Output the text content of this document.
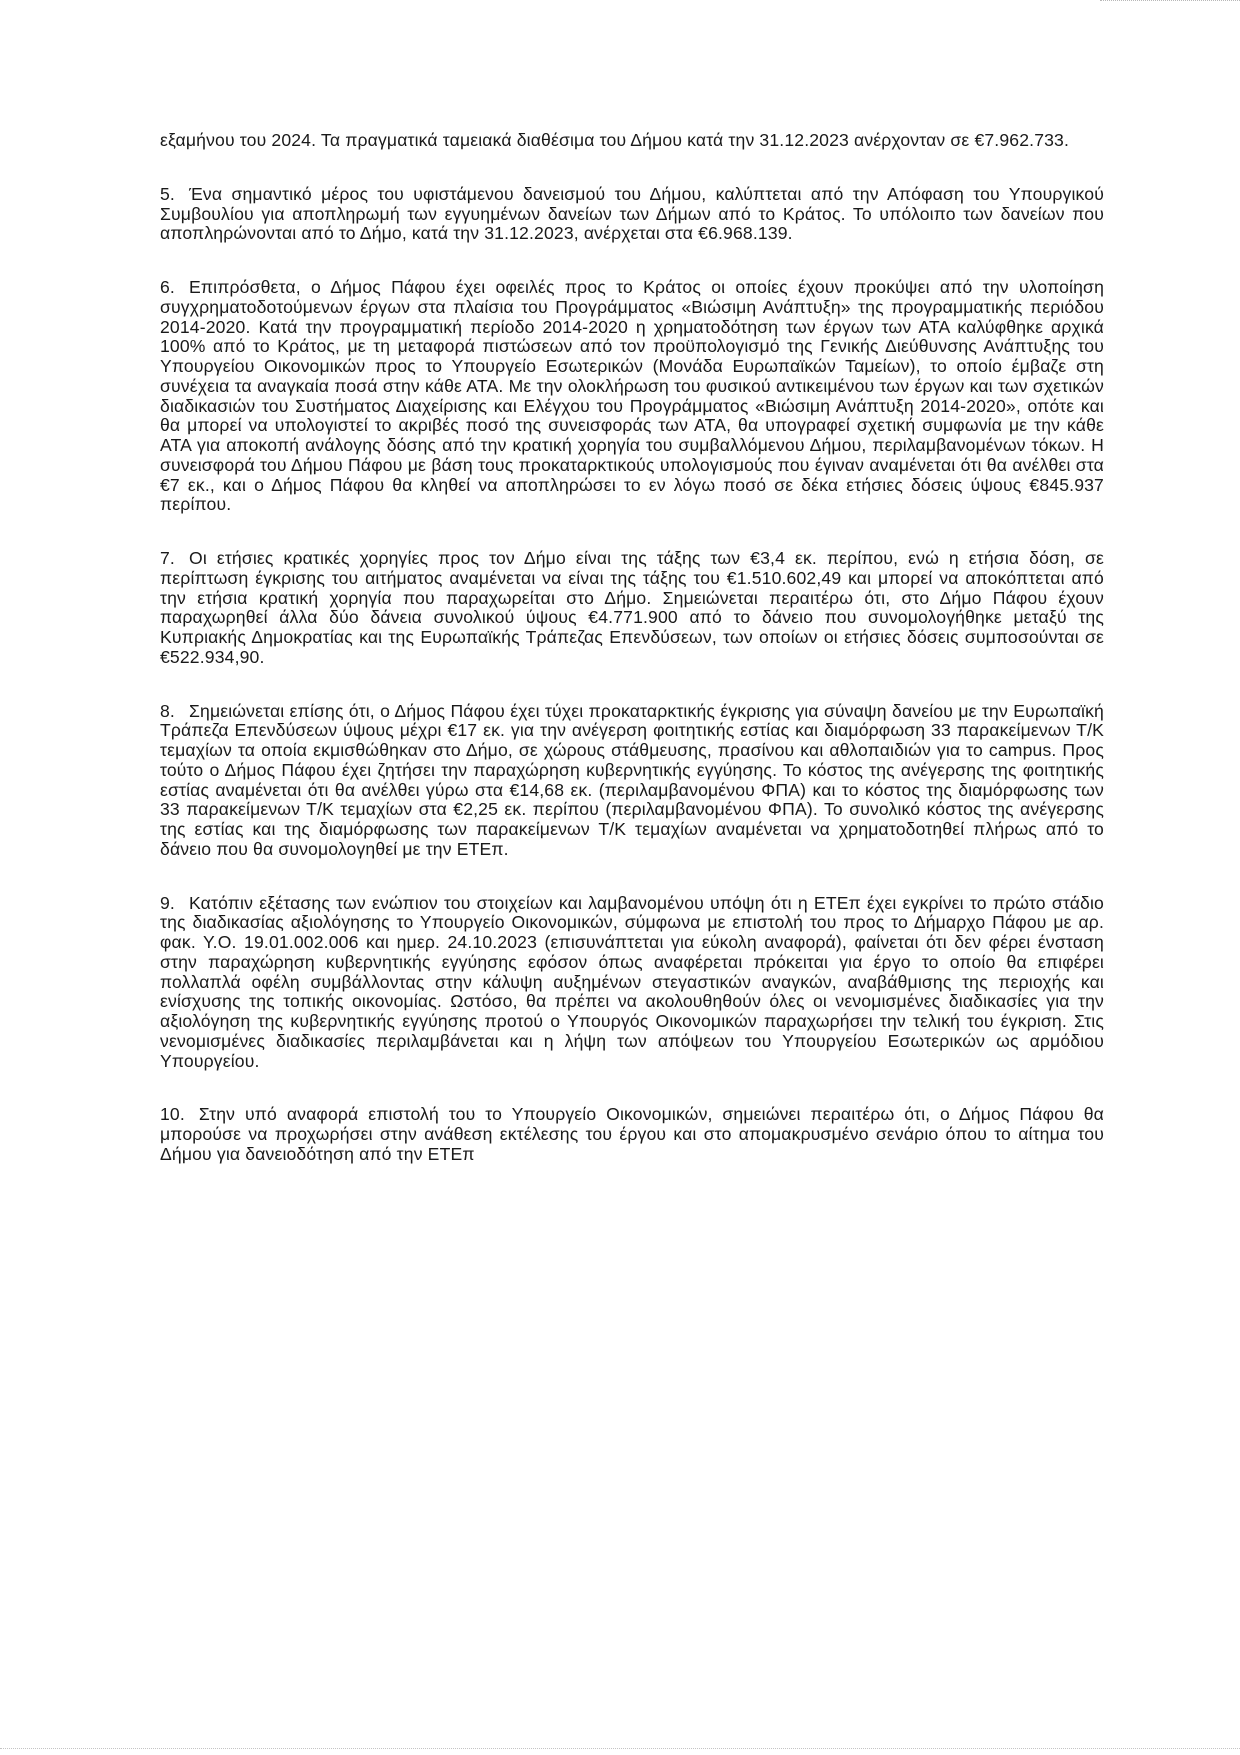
εξαμήνου του 2024. Τα πραγματικά ταμειακά διαθέσιμα του Δήμου κατά την 31.12.2023 ανέρχονταν σε €7.962.733.

5. Ένα σημαντικό μέρος του υφιστάμενου δανεισμού του Δήμου, καλύπτεται από την Απόφαση του Υπουργικού Συμβουλίου για αποπληρωμή των εγγυημένων δανείων των Δήμων από το Κράτος. Το υπόλοιπο των δανείων που αποπληρώνονται από το Δήμο, κατά την 31.12.2023, ανέρχεται στα €6.968.139.

6. Επιπρόσθετα, ο Δήμος Πάφου έχει οφειλές προς το Κράτος οι οποίες έχουν προκύψει από την υλοποίηση συγχρηματοδοτούμενων έργων στα πλαίσια του Προγράμματος «Βιώσιμη Ανάπτυξη» της προγραμματικής περιόδου 2014-2020. Κατά την προγραμματική περίοδο 2014-2020 η χρηματοδότηση των έργων των ΑΤΑ καλύφθηκε αρχικά 100% από το Κράτος, με τη μεταφορά πιστώσεων από τον προϋπολογισμό της Γενικής Διεύθυνσης Ανάπτυξης του Υπουργείου Οικονομικών προς το Υπουργείο Εσωτερικών (Μονάδα Ευρωπαϊκών Ταμείων), το οποίο έμβαζε στη συνέχεια τα αναγκαία ποσά στην κάθε ΑΤΑ. Με την ολοκλήρωση του φυσικού αντικειμένου των έργων και των σχετικών διαδικασιών του Συστήματος Διαχείρισης και Ελέγχου του Προγράμματος «Βιώσιμη Ανάπτυξη 2014-2020», οπότε και θα μπορεί να υπολογιστεί το ακριβές ποσό της συνεισφοράς των ΑΤΑ, θα υπογραφεί σχετική συμφωνία με την κάθε ΑΤΑ για αποκοπή ανάλογης δόσης από την κρατική χορηγία του συμβαλλόμενου Δήμου, περιλαμβανομένων τόκων. Η συνεισφορά του Δήμου Πάφου με βάση τους προκαταρκτικούς υπολογισμούς που έγιναν αναμένεται ότι θα ανέλθει στα €7 εκ., και ο Δήμος Πάφου θα κληθεί να αποπληρώσει το εν λόγω ποσό σε δέκα ετήσιες δόσεις ύψους €845.937 περίπου.

7. Οι ετήσιες κρατικές χορηγίες προς τον Δήμο είναι της τάξης των €3,4 εκ. περίπου, ενώ η ετήσια δόση, σε περίπτωση έγκρισης του αιτήματος αναμένεται να είναι της τάξης του €1.510.602,49 και μπορεί να αποκόπτεται από την ετήσια κρατική χορηγία που παραχωρείται στο Δήμο. Σημειώνεται περαιτέρω ότι, στο Δήμο Πάφου έχουν παραχωρηθεί άλλα δύο δάνεια συνολικού ύψους €4.771.900 από το δάνειο που συνομολογήθηκε μεταξύ της Κυπριακής Δημοκρατίας και της Ευρωπαϊκής Τράπεζας Επενδύσεων, των οποίων οι ετήσιες δόσεις συμποσούνται σε €522.934,90.

8. Σημειώνεται επίσης ότι, ο Δήμος Πάφου έχει τύχει προκαταρκτικής έγκρισης για σύναψη δανείου με την Ευρωπαϊκή Τράπεζα Επενδύσεων ύψους μέχρι €17 εκ. για την ανέγερση φοιτητικής εστίας και διαμόρφωση 33 παρακείμενων Τ/Κ τεμαχίων τα οποία εκμισθώθηκαν στο Δήμο, σε χώρους στάθμευσης, πρασίνου και αθλοπαιδιών για το campus. Προς τούτο ο Δήμος Πάφου έχει ζητήσει την παραχώρηση κυβερνητικής εγγύησης. Το κόστος της ανέγερσης της φοιτητικής εστίας αναμένεται ότι θα ανέλθει γύρω στα €14,68 εκ. (περιλαμβανομένου ΦΠΑ) και το κόστος της διαμόρφωσης των 33 παρακείμενων Τ/Κ τεμαχίων στα €2,25 εκ. περίπου (περιλαμβανομένου ΦΠΑ). Το συνολικό κόστος της ανέγερσης της εστίας και της διαμόρφωσης των παρακείμενων Τ/Κ τεμαχίων αναμένεται να χρηματοδοτηθεί πλήρως από το δάνειο που θα συνομολογηθεί με την ΕΤΕπ.

9. Κατόπιν εξέτασης των ενώπιον του στοιχείων και λαμβανομένου υπόψη ότι η ΕΤΕπ έχει εγκρίνει το πρώτο στάδιο της διαδικασίας αξιολόγησης το Υπουργείο Οικονομικών, σύμφωνα με επιστολή του προς το Δήμαρχο Πάφου με αρ. φακ. Υ.Ο. 19.01.002.006 και ημερ. 24.10.2023 (επισυνάπτεται για εύκολη αναφορά), φαίνεται ότι δεν φέρει ένσταση στην παραχώρηση κυβερνητικής εγγύησης εφόσον όπως αναφέρεται πρόκειται για έργο το οποίο θα επιφέρει πολλαπλά οφέλη συμβάλλοντας στην κάλυψη αυξημένων στεγαστικών αναγκών, αναβάθμισης της περιοχής και ενίσχυσης της τοπικής οικονομίας. Ωστόσο, θα πρέπει να ακολουθηθούν όλες οι νενομισμένες διαδικασίες για την αξιολόγηση της κυβερνητικής εγγύησης προτού ο Υπουργός Οικονομικών παραχωρήσει την τελική του έγκριση. Στις νενομισμένες διαδικασίες περιλαμβάνεται και η λήψη των απόψεων του Υπουργείου Εσωτερικών ως αρμόδιου Υπουργείου.

10. Στην υπό αναφορά επιστολή του το Υπουργείο Οικονομικών, σημειώνει περαιτέρω ότι, ο Δήμος Πάφου θα μπορούσε να προχωρήσει στην ανάθεση εκτέλεσης του έργου και στο απομακρυσμένο σενάριο όπου το αίτημα του Δήμου για δανειοδότηση από την ΕΤΕπ
